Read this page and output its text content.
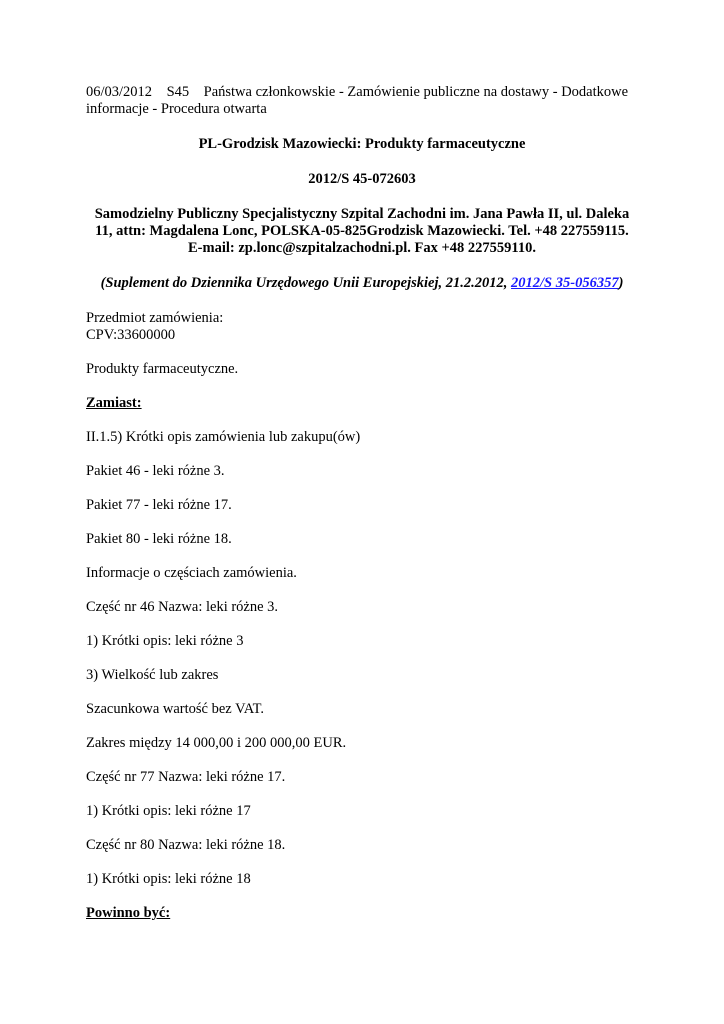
06/03/2012 S45 Państwa członkowskie - Zamówienie publiczne na dostawy - Dodatkowe
informacje - Procedura otwarta

PL-Grodzisk Mazowiecki: Produkty farmaceutyczne

2012/S 45-072603

Samodzielny Publiczny Specjalistyczny Szpital Zachodni im. Jana Pawła II, ul. Daleka
11, attn: Magdalena Lonc, POLSKA-05-825Grodzisk Mazowiecki. Tel. +48 227559115.
E-mail: zp.lonc@szpitalzachodni.pl. Fax +48 227559110.

(Suplement do Dziennika Urzędowego Unii Europejskiej, 21.2.2012, 2012/S 35-056357)

Przedmiot zamówienia:
CPV:33600000

Produkty farmaceutyczne.

Zamiast:

II.1.5) Krótki opis zamówienia lub zakupu(ów)

Pakiet 46 - leki różne 3.

Pakiet 77 - leki różne 17.

Pakiet 80 - leki różne 18.

Informacje o częściach zamówienia.

Część nr 46 Nazwa: leki różne 3.

1) Krótki opis: leki różne 3

3) Wielkość lub zakres

Szacunkowa wartość bez VAT.

Zakres między 14 000,00 i 200 000,00 EUR.

Część nr 77 Nazwa: leki różne 17.

1) Krótki opis: leki różne 17

Część nr 80 Nazwa: leki różne 18.

1) Krótki opis: leki różne 18

Powinno być:
